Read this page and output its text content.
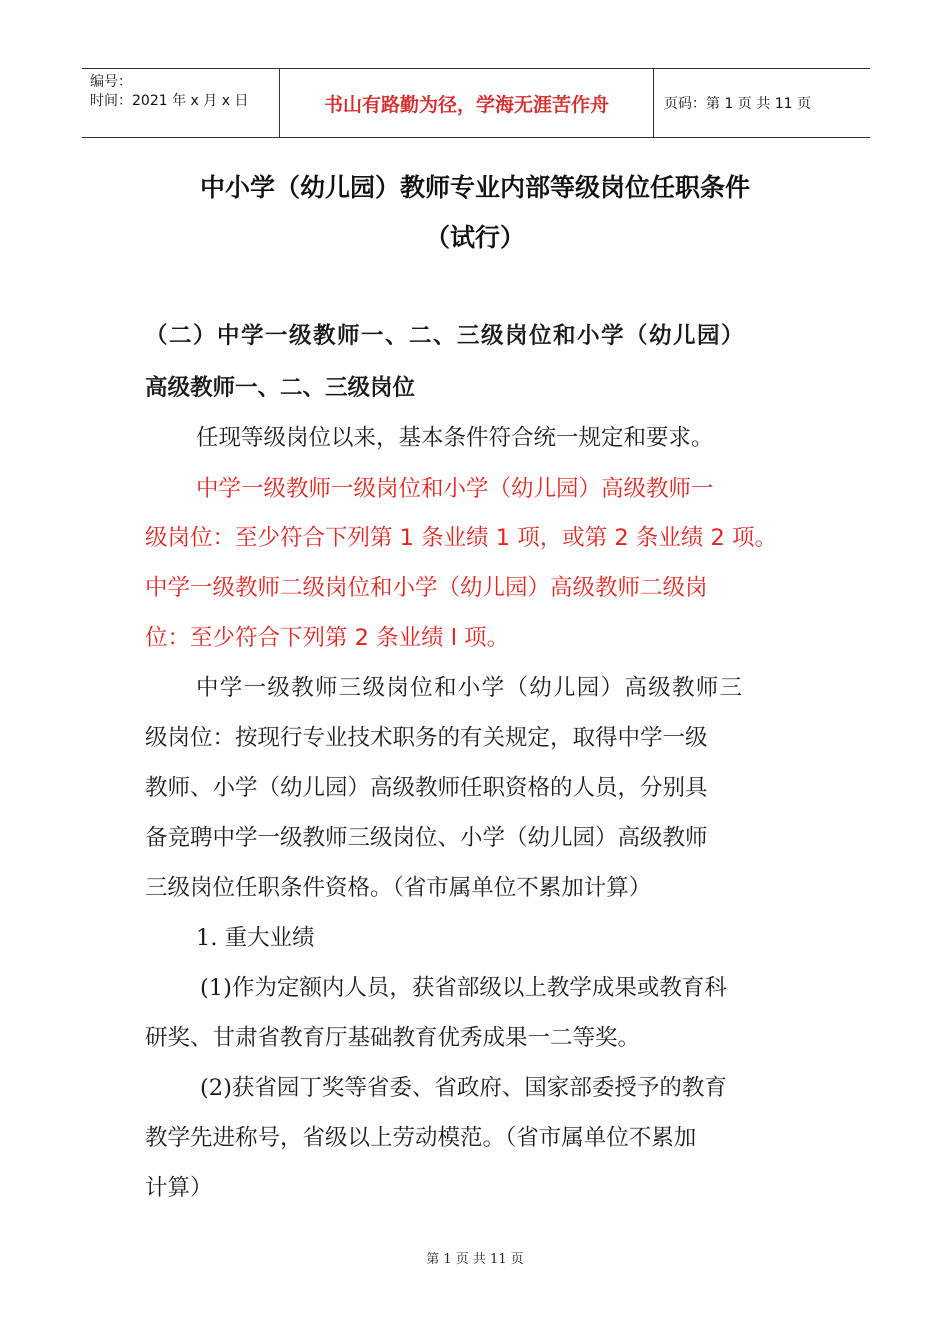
编号：
时间：2021 年 x 月 x 日	书山有路勤为径，学海无涯苦作舟	页码：第 1 页 共 11 页
中小学（幼儿园）教师专业内部等级岗位任职条件
（试行）
（二）中学一级教师一、二、三级岗位和小学（幼儿园）
高级教师一、二、三级岗位
任现等级岗位以来，基本条件符合统一规定和要求。
中学一级教师一级岗位和小学（幼儿园）高级教师一
级岗位：至少符合下列第 1 条业绩 1 项，或第 2 条业绩 2 项。
中学一级教师二级岗位和小学（幼儿园）高级教师二级岗
位：至少符合下列第 2 条业绩 l 项。
中学一级教师三级岗位和小学（幼儿园）高级教师三
级岗位：按现行专业技术职务的有关规定，取得中学一级
教师、小学（幼儿园）高级教师任职资格的人员，分别具
备竞聘中学一级教师三级岗位、小学（幼儿园）高级教师
三级岗位任职条件资格。（省市属单位不累加计算）
1. 重大业绩
(1)作为定额内人员，获省部级以上教学成果或教育科
研奖、甘肃省教育厅基础教育优秀成果一二等奖。
(2)获省园丁奖等省委、省政府、国家部委授予的教育
教学先进称号，省级以上劳动模范。（省市属单位不累加
计算）
第 1 页 共 11 页
